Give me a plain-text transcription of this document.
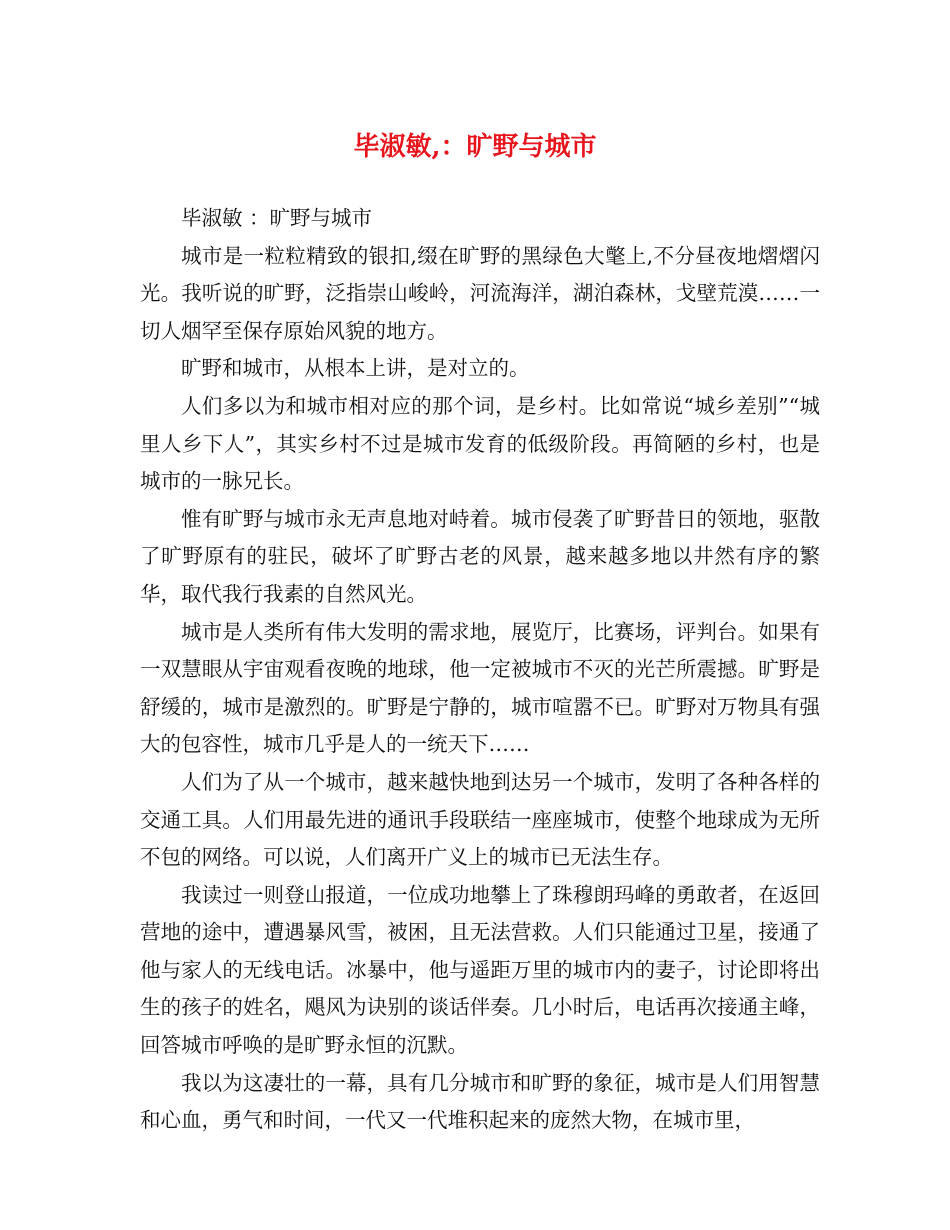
毕淑敏,：旷野与城市

毕淑敏 ：旷野与城市

城市是一粒粒精致的银扣,缀在旷野的黑绿色大氅上,不分昼夜地熠熠闪光。我听说的旷野，泛指崇山峻岭，河流海洋，湖泊森林，戈壁荒漠……一切人烟罕至保存原始风貌的地方。

旷野和城市，从根本上讲，是对立的。

人们多以为和城市相对应的那个词，是乡村。比如常说“城乡差别”“城里人乡下人”，其实乡村不过是城市发育的低级阶段。再简陋的乡村，也是城市的一脉兄长。

惟有旷野与城市永无声息地对峙着。城市侵袭了旷野昔日的领地，驱散了旷野原有的驻民，破坏了旷野古老的风景，越来越多地以井然有序的繁华，取代我行我素的自然风光。

城市是人类所有伟大发明的需求地，展览厅，比赛场，评判台。如果有一双慧眼从宇宙观看夜晚的地球，他一定被城市不灭的光芒所震撼。旷野是舒缓的，城市是激烈的。旷野是宁静的，城市喧嚣不已。旷野对万物具有强大的包容性，城市几乎是人的一统天下……

人们为了从一个城市，越来越快地到达另一个城市，发明了各种各样的交通工具。人们用最先进的通讯手段联结一座座城市，使整个地球成为无所不包的网络。可以说，人们离开广义上的城市已无法生存。

我读过一则登山报道，一位成功地攀上了珠穆朗玛峰的勇敢者，在返回营地的途中，遭遇暴风雪，被困，且无法营救。人们只能通过卫星，接通了他与家人的无线电话。冰暴中，他与遥距万里的城市内的妻子，讨论即将出生的孩子的姓名，飓风为诀别的谈话伴奏。几小时后，电话再次接通主峰，回答城市呼唤的是旷野永恒的沉默。

我以为这凄壮的一幕，具有几分城市和旷野的象征，城市是人们用智慧和心血，勇气和时间，一代又一代堆积起来的庞然大物，在城市里，
